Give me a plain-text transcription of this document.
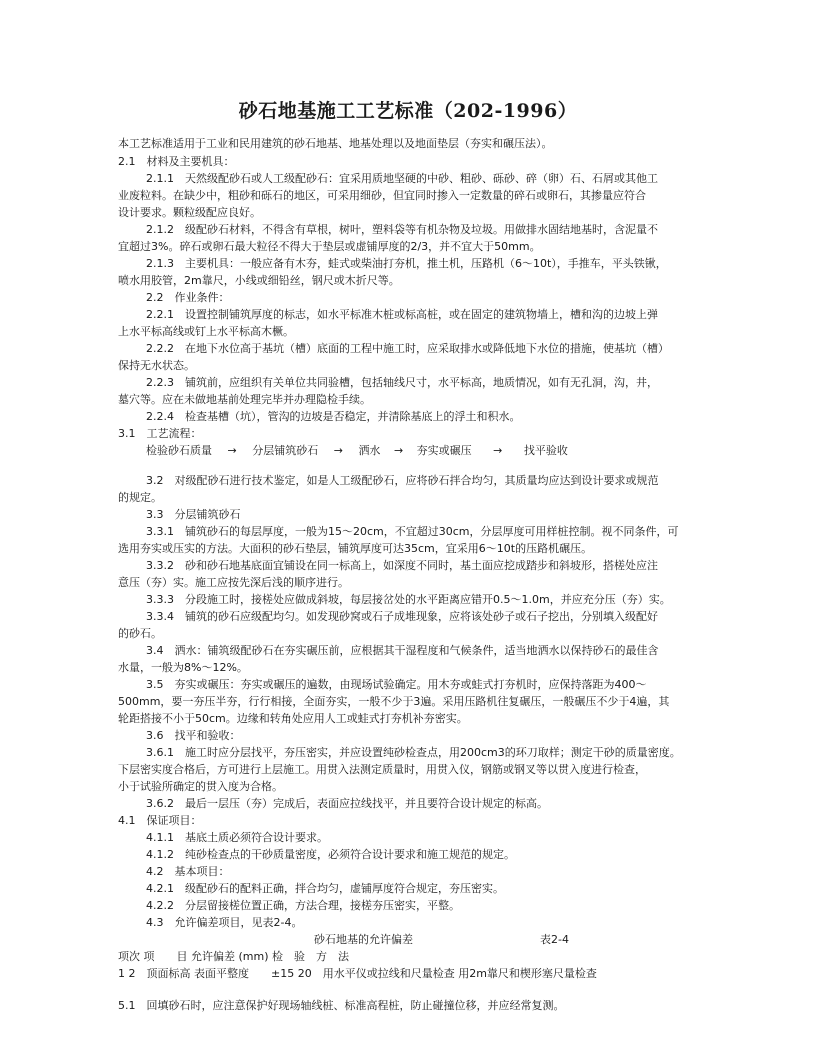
砂石地基施工工艺标准（202-1996）
本工艺标准适用于工业和民用建筑的砂石地基、地基处理以及地面垫层（夯实和碾压法）。
2.1　材料及主要机具：
2.1.1　天然级配砂石或人工级配砂石：宜采用质地坚硬的中砂、粗砂、砾砂、碎（卵）石、石屑或其他工
业废粒料。在缺少中，粗砂和砾石的地区，可采用细砂，但宜同时掺入一定数量的碎石或卵石，其掺量应符合
设计要求。颗粒级配应良好。
2.1.2　级配砂石材料，不得含有草根，树叶，塑料袋等有机杂物及垃圾。用做排水固结地基时，含泥量不
宜超过3%。碎石或卵石最大粒径不得大于垫层或虚铺厚度的2/3，并不宜大于50mm。
2.1.3　主要机具：一般应备有木夯，蛙式或柴油打夯机，推土机，压路机（6～10t），手推车，平头铁锹，
喷水用胶管，2m靠尺，小线或细铅丝，钢尺或木折尺等。
2.2　作业条件：
2.2.1　设置控制铺筑厚度的标志，如水平标准木桩或标高桩，或在固定的建筑物墙上，槽和沟的边坡上弹
上水平标高线或钉上水平标高木橛。
2.2.2　在地下水位高于基坑（槽）底面的工程中施工时，应采取排水或降低地下水位的措施，使基坑（槽）
保持无水状态。
2.2.3　铺筑前，应组织有关单位共同验槽，包括轴线尺寸，水平标高，地质情况，如有无孔洞，沟，井，
墓穴等。应在未做地基前处理完毕并办理隐检手续。
2.2.4　检查基槽（坑），管沟的边坡是否稳定，并清除基底上的浮土和积水。
3.1　工艺流程：
检验砂石质量 → 分层铺筑砂石 → 洒水 → 夯实或碾压 → 找平验收
3.2　对级配砂石进行技术鉴定，如是人工级配砂石，应将砂石拌合均匀，其质量均应达到设计要求或规范
的规定。
3.3　分层铺筑砂石
3.3.1　铺筑砂石的每层厚度，一般为15～20cm，不宜超过30cm，分层厚度可用样桩控制。视不同条件，可
选用夯实或压实的方法。大面积的砂石垫层，铺筑厚度可达35cm，宜采用6～10t的压路机碾压。
3.3.2　砂和砂石地基底面宜铺设在同一标高上，如深度不同时，基土面应挖成踏步和斜坡形，搭槎处应注
意压（夯）实。施工应按先深后浅的顺序进行。
3.3.3　分段施工时，接槎处应做成斜坡，每层接岔处的水平距离应错开0.5～1.0m，并应充分压（夯）实。
3.3.4　铺筑的砂石应级配均匀。如发现砂窝或石子成堆现象，应将该处砂子或石子挖出，分别填入级配好
的砂石。
3.4　洒水：铺筑级配砂石在夯实碾压前，应根据其干湿程度和气候条件，适当地洒水以保持砂石的最佳含
水量，一般为8%～12%。
3.5　夯实或碾压：夯实或碾压的遍数，由现场试验确定。用木夯或蛙式打夯机时，应保持落距为400～
500mm，要一夯压半夯，行行相接，全面夯实，一般不少于3遍。采用压路机往复碾压，一般碾压不少于4遍，其
轮距搭接不小于50cm。边缘和转角处应用人工或蛙式打夯机补夯密实。
3.6　找平和验收：
3.6.1　施工时应分层找平，夯压密实，并应设置纯砂检查点，用200cm3的环刀取样；测定干砂的质量密度。
下层密实度合格后，方可进行上层施工。用贯入法测定质量时，用贯入仪，钢筋或钢叉等以贯入度进行检查，
小于试验所确定的贯入度为合格。
3.6.2　最后一层压（夯）完成后，表面应拉线找平，并且要符合设计规定的标高。
4.1　保证项目：
4.1.1　基底土质必须符合设计要求。
4.1.2　纯砂检查点的干砂质量密度，必须符合设计要求和施工规范的规定。
4.2　基本项目：
4.2.1　级配砂石的配料正确，拌合均匀，虚铺厚度符合规定，夯压密实。
4.2.2　分层留接槎位置正确，方法合理，接槎夯压密实，平整。
4.3　允许偏差项目，见表2-4。
砂石地基的允许偏差	表2-4
项次 项　　目 允许偏差 (mm) 检　验　方　法
1 2　顶面标高 表面平整度　　±15 20　用水平仪或拉线和尺量检查 用2m靠尺和楔形塞尺量检查
5.1　回填砂石时，应注意保护好现场轴线桩、标准高程桩，防止碰撞位移，并应经常复测。
